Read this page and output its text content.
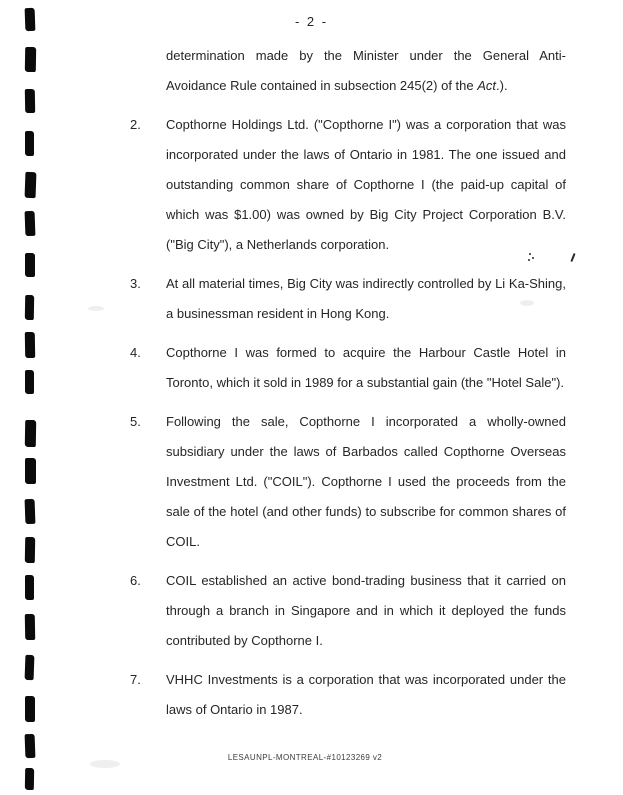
- 2 -

determination made by the Minister under the General Anti-Avoidance Rule contained in subsection 245(2) of the Act.).

2.	Copthorne Holdings Ltd. ("Copthorne I") was a corporation that was incorporated under the laws of Ontario in 1981. The one issued and outstanding common share of Copthorne I (the paid-up capital of which was $1.00) was owned by Big City Project Corporation B.V. ("Big City"), a Netherlands corporation.

3.	At all material times, Big City was indirectly controlled by Li Ka-Shing, a businessman resident in Hong Kong.

4.	Copthorne I was formed to acquire the Harbour Castle Hotel in Toronto, which it sold in 1989 for a substantial gain (the "Hotel Sale").

5.	Following the sale, Copthorne I incorporated a wholly-owned subsidiary under the laws of Barbados called Copthorne Overseas Investment Ltd. ("COIL"). Copthorne I used the proceeds from the sale of the hotel (and other funds) to subscribe for common shares of COIL.

6.	COIL established an active bond-trading business that it carried on through a branch in Singapore and in which it deployed the funds contributed by Copthorne I.

7.	VHHC Investments is a corporation that was incorporated under the laws of Ontario in 1987.

LESAUNPL-MONTREAL-#10123269 v2
